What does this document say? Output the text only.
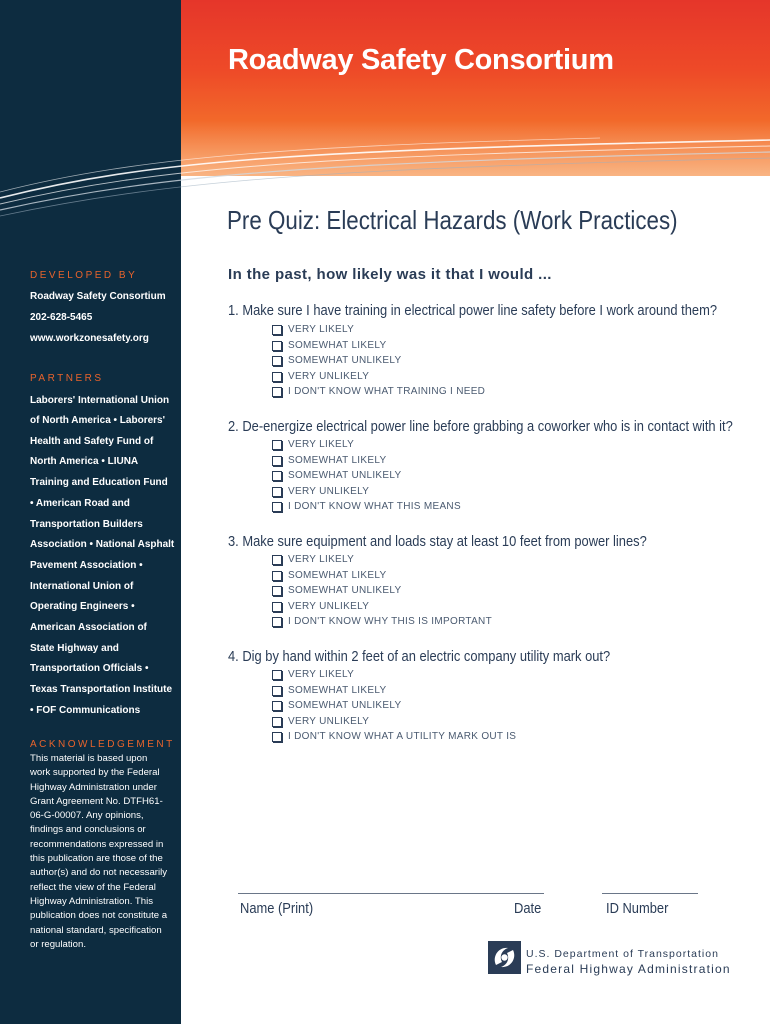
Roadway Safety Consortium
Pre Quiz: Electrical Hazards (Work Practices)
In the past, how likely was it that I would ...
DEVELOPED BY
Roadway Safety Consortium
202-628-5465
www.workzonesafety.org
PARTNERS
Laborers' International Union
of North America • Laborers'
Health and Safety Fund of
North America • LIUNA
Training and Education Fund
• American Road and
Transportation Builders
Association • National Asphalt
Pavement Association •
International Union of
Operating Engineers •
American Association of
State Highway and
Transportation Officials •
Texas Transportation Institute
• FOF Communications
ACKNOWLEDGEMENT
This material is based upon work supported by the Federal Highway Administration under Grant Agreement No. DTFH61-06-G-00007. Any opinions, findings and conclusions or recommendations expressed in this publication are those of the author(s) and do not necessarily reflect the view of the Federal Highway Administration. This publication does not constitute a national standard, specification or regulation.
1. Make sure I have training in electrical power line safety before I work around them?
VERY LIKELY
SOMEWHAT LIKELY
SOMEWHAT UNLIKELY
VERY UNLIKELY
I DON'T KNOW WHAT TRAINING I NEED
2. De-energize electrical power line before grabbing a coworker who is in contact with it?
VERY LIKELY
SOMEWHAT LIKELY
SOMEWHAT UNLIKELY
VERY UNLIKELY
I DON'T KNOW WHAT THIS MEANS
3. Make sure equipment and loads stay at least 10 feet from power lines?
VERY LIKELY
SOMEWHAT LIKELY
SOMEWHAT UNLIKELY
VERY UNLIKELY
I DON'T KNOW WHY THIS IS IMPORTANT
4. Dig by hand within 2 feet of an electric company utility mark out?
VERY LIKELY
SOMEWHAT LIKELY
SOMEWHAT UNLIKELY
VERY UNLIKELY
I DON'T KNOW WHAT A UTILITY MARK OUT IS
Name (Print)	Date	ID Number
U.S. Department of Transportation
Federal Highway Administration
